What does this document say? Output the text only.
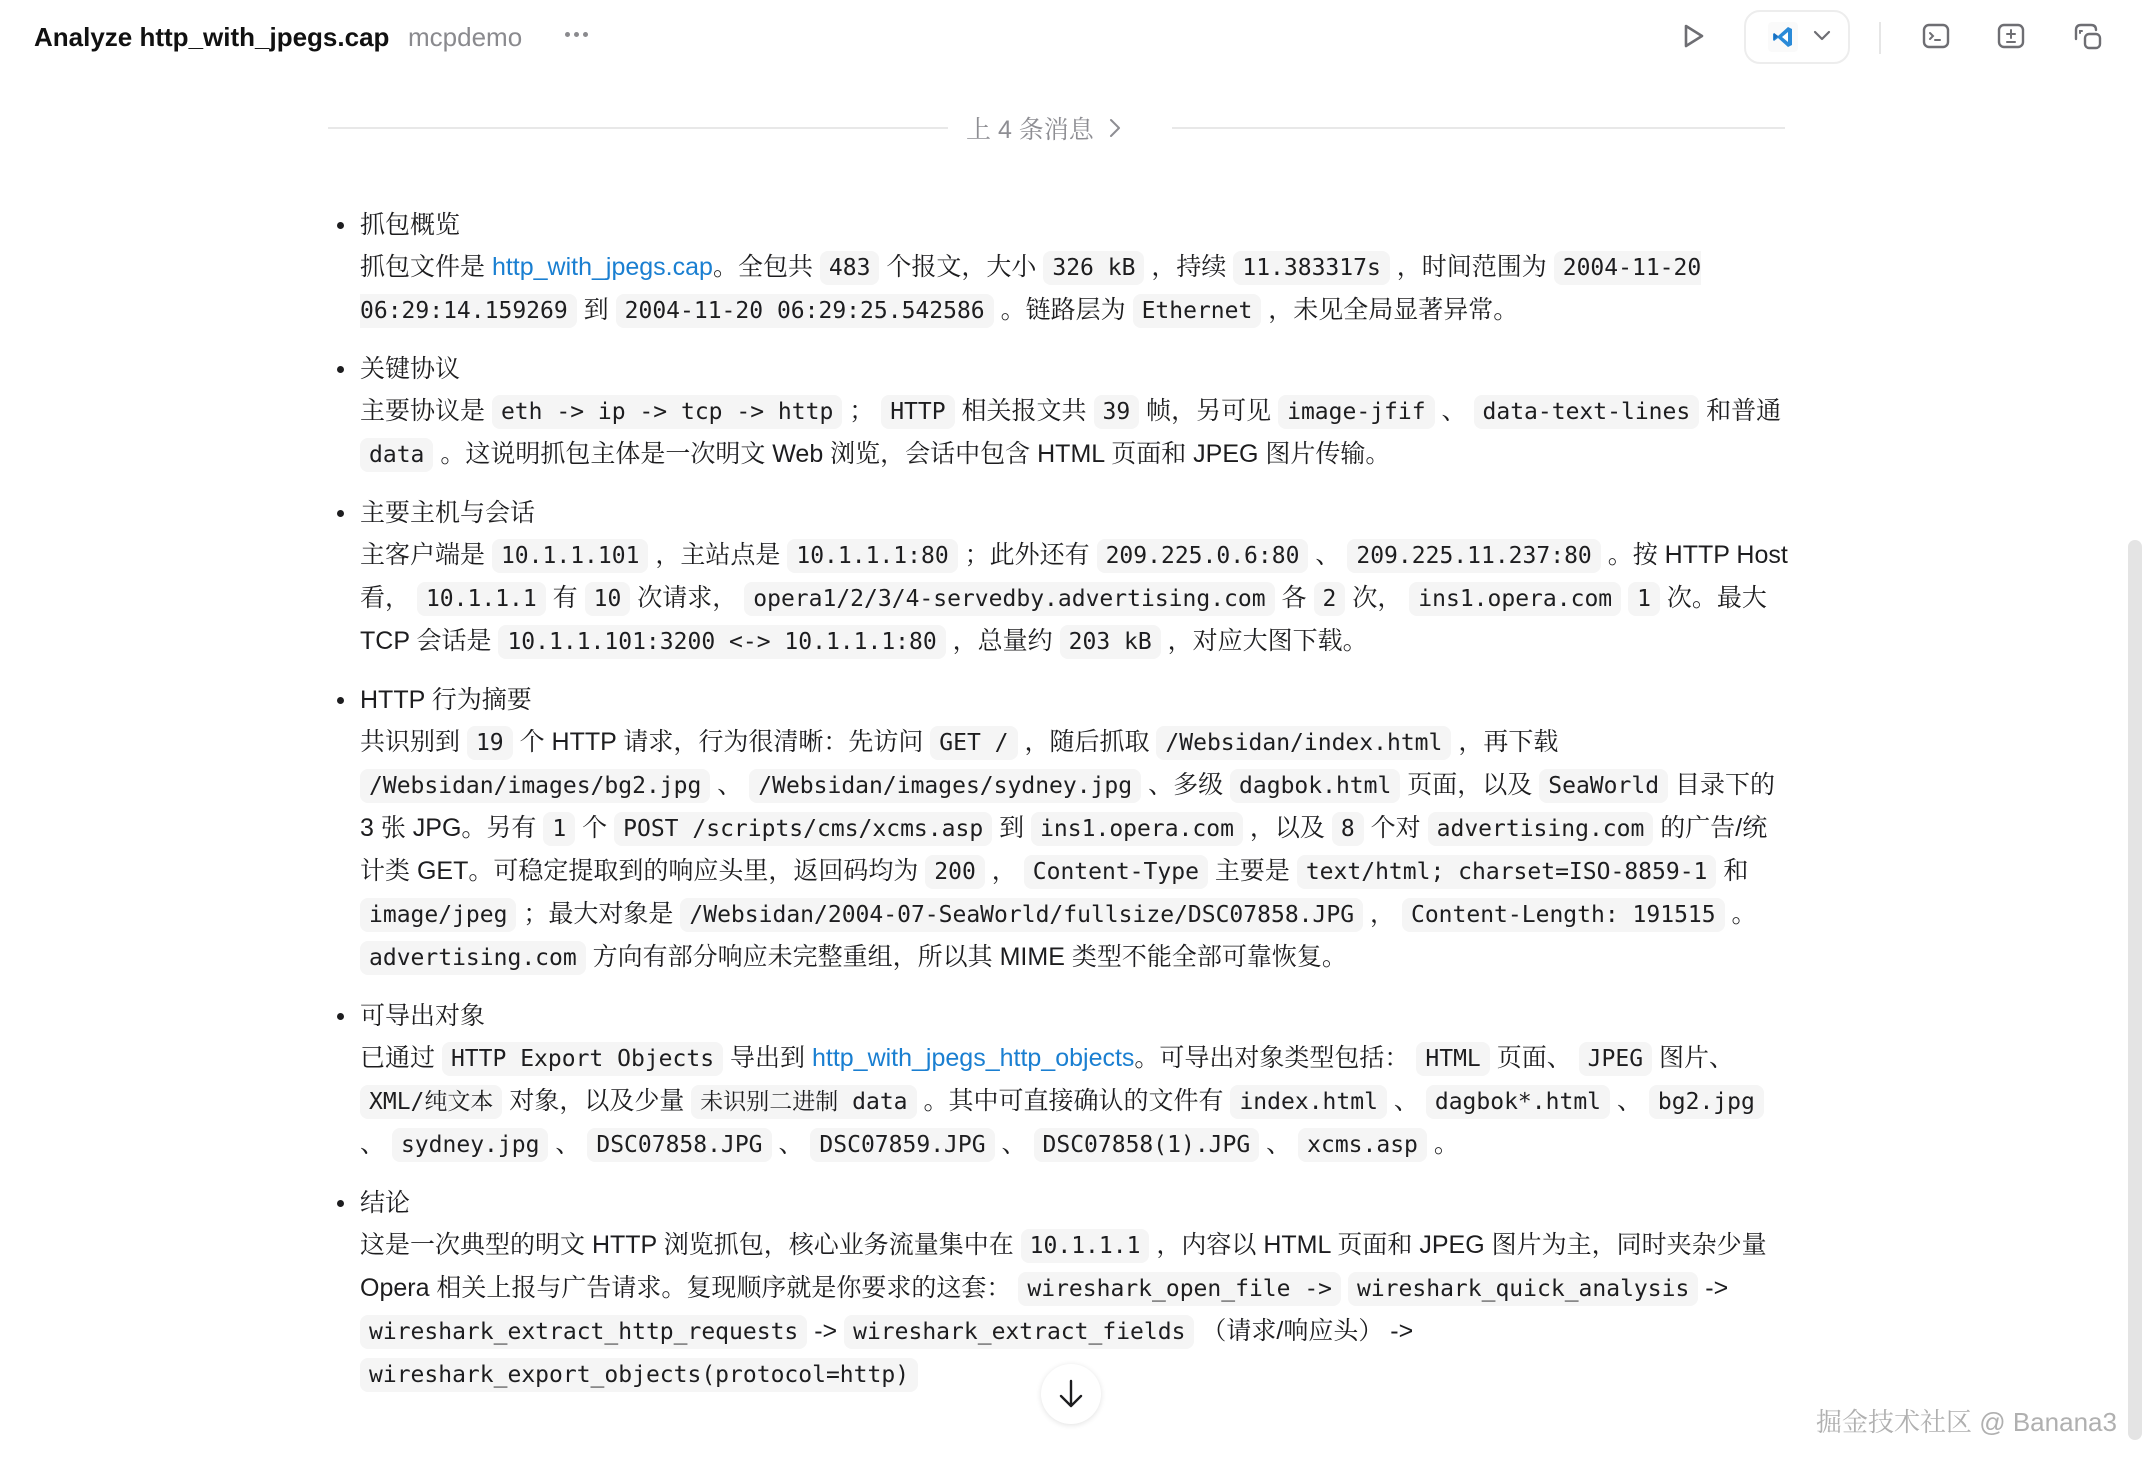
Analyze http_with_jpegs.cap mcpdemo
上 4 条消息
抓包概览
抓包文件是 http_with_jpegs.cap。全包共 483 个报文，大小 326 kB ，持续 11.383317s ，时间范围为 2004-11-20 06:29:14.159269 到 2004-11-20 06:29:25.542586 。链路层为 Ethernet ，未见全局显著异常。
关键协议
主要协议是 eth -> ip -> tcp -> http ； HTTP 相关报文共 39 帧，另可见 image-jfif 、 data-text-lines 和普通 data 。这说明抓包主体是一次明文 Web 浏览，会话中包含 HTML 页面和 JPEG 图片传输。
主要主机与会话
主客户端是 10.1.1.101 ，主站点是 10.1.1.1:80 ；此外还有 209.225.0.6:80 、 209.225.11.237:80 。按 HTTP Host 看， 10.1.1.1 有 10 次请求， opera1/2/3/4-servedby.advertising.com 各 2 次， ins1.opera.com 1 次。最大 TCP 会话是 10.1.1.101:3200 <-> 10.1.1.1:80 ，总量约 203 kB ，对应大图下载。
HTTP 行为摘要
共识别到 19 个 HTTP 请求，行为很清晰：先访问 GET / ，随后抓取 /Websidan/index.html ，再下载 /Websidan/images/bg2.jpg 、 /Websidan/images/sydney.jpg 、多级 dagbok.html 页面，以及 SeaWorld 目录下的 3 张 JPG。另有 1 个 POST /scripts/cms/xcms.asp 到 ins1.opera.com ，以及 8 个对 advertising.com 的广告/统计类 GET。可稳定提取到的响应头里，返回码均为 200 ， Content-Type 主要是 text/html; charset=ISO-8859-1 和 image/jpeg ；最大对象是 /Websidan/2004-07-SeaWorld/fullsize/DSC07858.JPG ， Content-Length: 191515 。 advertising.com 方向有部分响应未完整重组，所以其 MIME 类型不能全部可靠恢复。
可导出对象
已通过 HTTP Export Objects 导出到 http_with_jpegs_http_objects。可导出对象类型包括： HTML 页面、 JPEG 图片、 XML/纯文本 对象，以及少量 未识别二进制 data 。其中可直接确认的文件有 index.html 、 dagbok*.html 、 bg2.jpg 、 sydney.jpg 、 DSC07858.JPG 、 DSC07859.JPG 、 DSC07858(1).JPG 、 xcms.asp 。
结论
这是一次典型的明文 HTTP 浏览抓包，核心业务流量集中在 10.1.1.1 ，内容以 HTML 页面和 JPEG 图片为主，同时夹杂少量 Opera 相关上报与广告请求。复现顺序就是你要求的这套： wireshark_open_file -> wireshark_quick_analysis -> wireshark_extract_http_requests -> wireshark_extract_fields （请求/响应头） -> wireshark_export_objects(protocol=http)
掘金技术社区 @ Banana3
